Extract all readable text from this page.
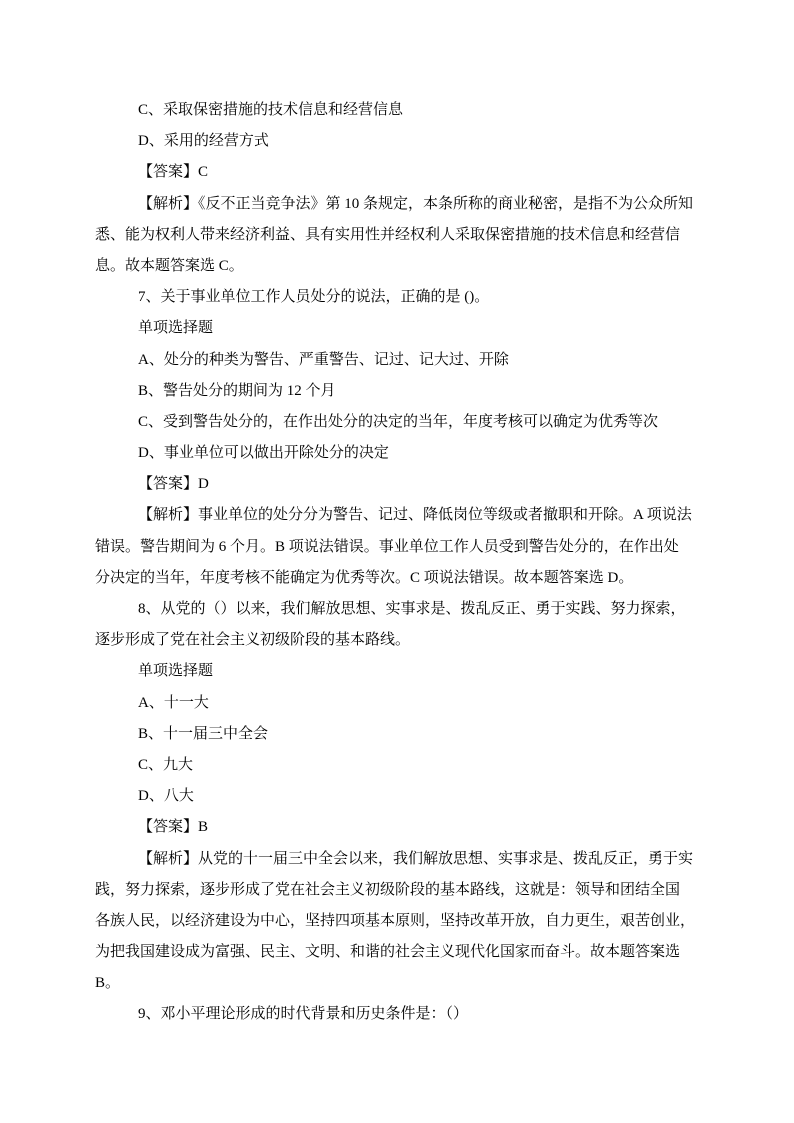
C、采取保密措施的技术信息和经营信息
D、采用的经营方式
【答案】C
【解析】《反不正当竞争法》第 10 条规定，本条所称的商业秘密，是指不为公众所知
悉、能为权利人带来经济利益、具有实用性并经权利人采取保密措施的技术信息和经营信
息。故本题答案选 C。
7、关于事业单位工作人员处分的说法，正确的是 ()。
单项选择题
A、处分的种类为警告、严重警告、记过、记大过、开除
B、警告处分的期间为 12 个月
C、受到警告处分的，在作出处分的决定的当年，年度考核可以确定为优秀等次
D、事业单位可以做出开除处分的决定
【答案】D
【解析】事业单位的处分分为警告、记过、降低岗位等级或者撤职和开除。A 项说法
错误。警告期间为 6 个月。B 项说法错误。事业单位工作人员受到警告处分的，在作出处
分决定的当年，年度考核不能确定为优秀等次。C 项说法错误。故本题答案选 D。
8、从党的（）以来，我们解放思想、实事求是、拨乱反正、勇于实践、努力探索，
逐步形成了党在社会主义初级阶段的基本路线。
单项选择题
A、十一大
B、十一届三中全会
C、九大
D、八大
【答案】B
【解析】从党的十一届三中全会以来，我们解放思想、实事求是、拨乱反正，勇于实
践，努力探索，逐步形成了党在社会主义初级阶段的基本路线，这就是：领导和团结全国
各族人民，以经济建设为中心，坚持四项基本原则，坚持改革开放，自力更生，艰苦创业，
为把我国建设成为富强、民主、文明、和谐的社会主义现代化国家而奋斗。故本题答案选
B。
9、邓小平理论形成的时代背景和历史条件是：（）
